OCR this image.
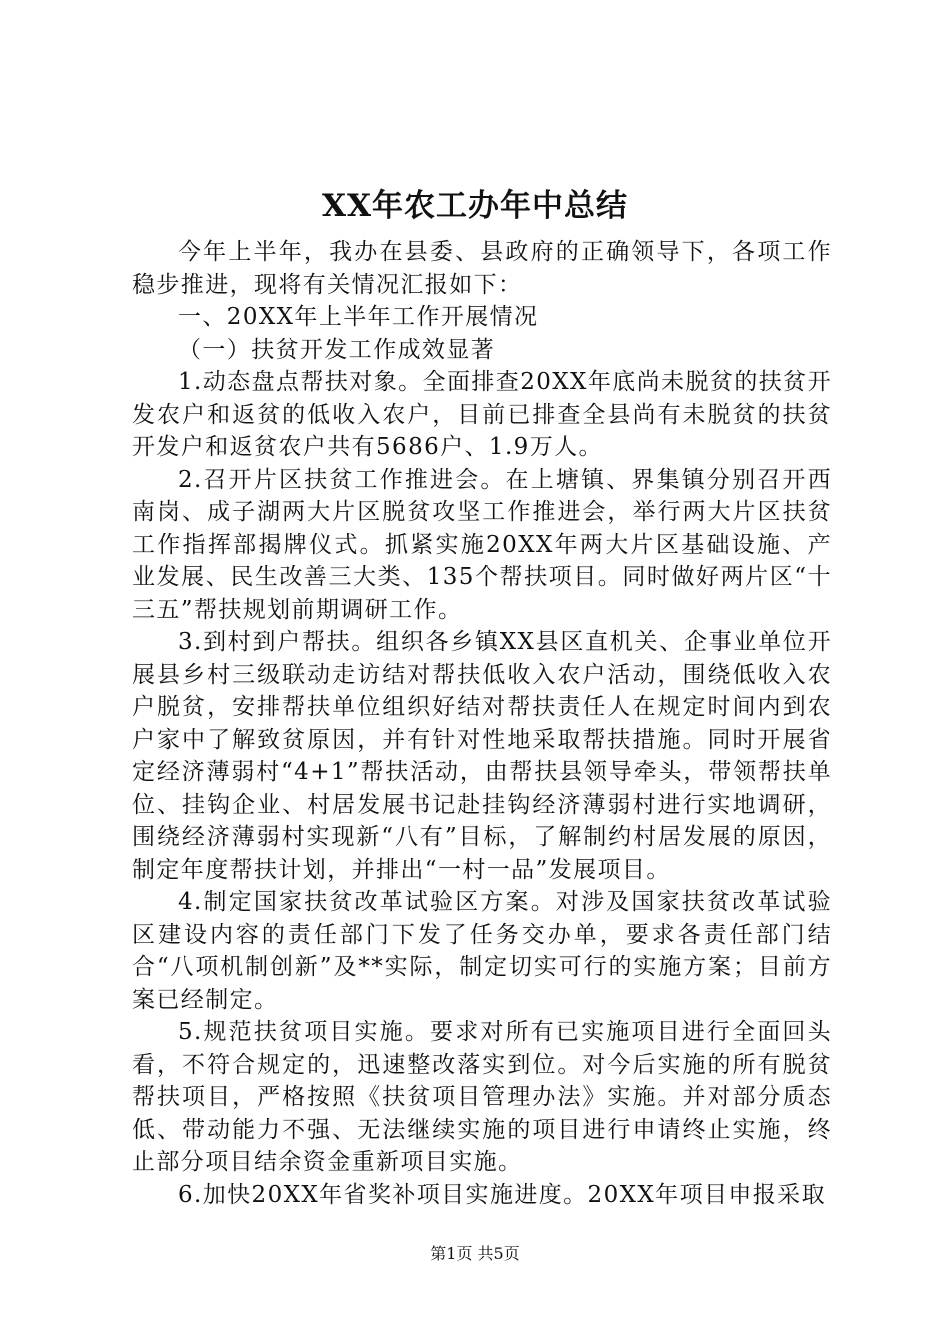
XX年农工办年中总结

今年上半年，我办在县委、县政府的正确领导下，各项工作稳步推进，现将有关情况汇报如下：

一、20XX年上半年工作开展情况

（一）扶贫开发工作成效显著

1.动态盘点帮扶对象。全面排查20XX年底尚未脱贫的扶贫开发农户和返贫的低收入农户，目前已排查全县尚有未脱贫的扶贫开发户和返贫农户共有5686户、1.9万人。

2.召开片区扶贫工作推进会。在上塘镇、界集镇分别召开西南岗、成子湖两大片区脱贫攻坚工作推进会，举行两大片区扶贫工作指挥部揭牌仪式。抓紧实施20XX年两大片区基础设施、产业发展、民生改善三大类、135个帮扶项目。同时做好两片区“十三五”帮扶规划前期调研工作。

3.到村到户帮扶。组织各乡镇XX县区直机关、企事业单位开展县乡村三级联动走访结对帮扶低收入农户活动，围绕低收入农户脱贫，安排帮扶单位组织好结对帮扶责任人在规定时间内到农户家中了解致贫原因，并有针对性地采取帮扶措施。同时开展省定经济薄弱村“4+1”帮扶活动，由帮扶县领导牵头，带领帮扶单位、挂钩企业、村居发展书记赴挂钩经济薄弱村进行实地调研，围绕经济薄弱村实现新“八有”目标，了解制约村居发展的原因，制定年度帮扶计划，并排出“一村一品”发展项目。

4.制定国家扶贫改革试验区方案。对涉及国家扶贫改革试验区建设内容的责任部门下发了任务交办单，要求各责任部门结合“八项机制创新”及**实际，制定切实可行的实施方案；目前方案已经制定。

5.规范扶贫项目实施。要求对所有已实施项目进行全面回头看，不符合规定的，迅速整改落实到位。对今后实施的所有脱贫帮扶项目，严格按照《扶贫项目管理办法》实施。并对部分质态低、带动能力不强、无法继续实施的项目进行申请终止实施，终止部分项目结余资金重新项目实施。

6.加快20XX年省奖补项目实施进度。20XX年项目申报采取

第1页 共5页
